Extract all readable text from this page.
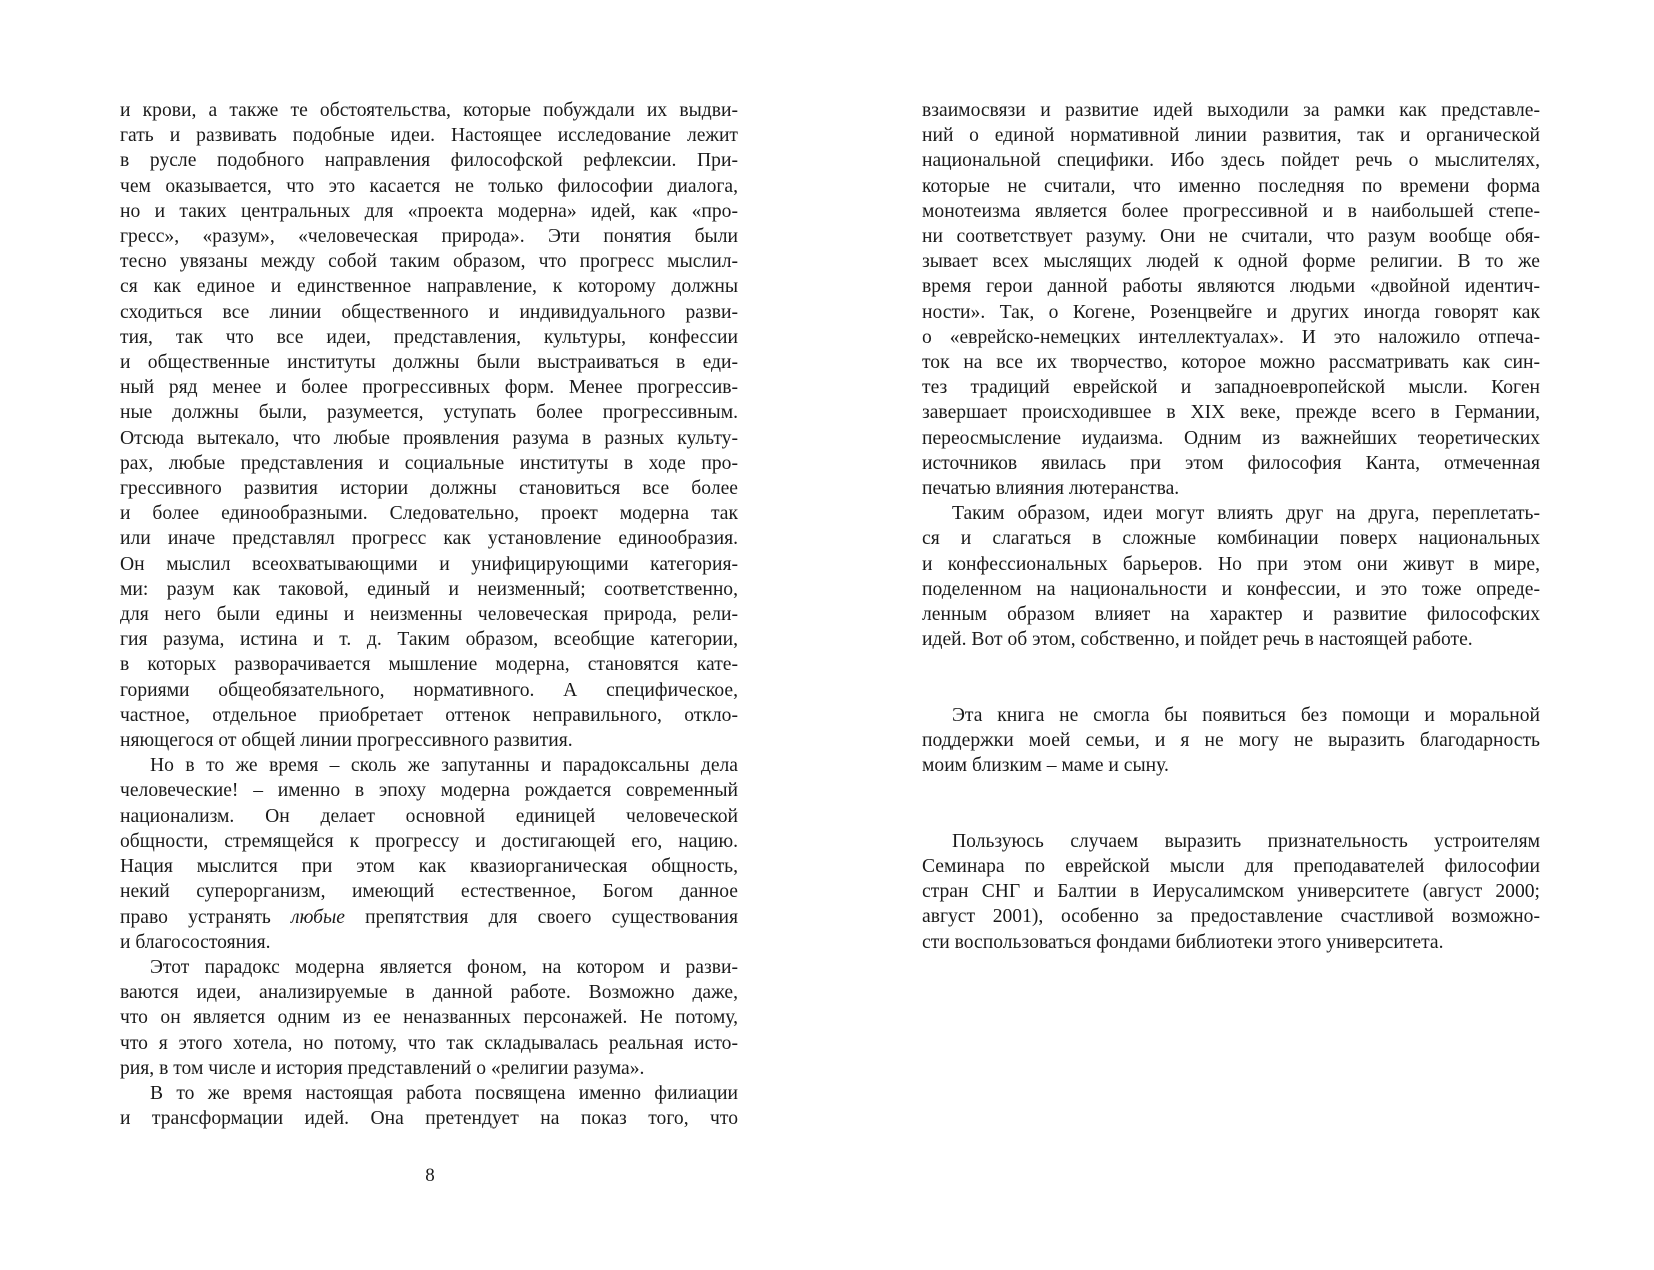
и крови, а также те обстоятельства, которые побуждали их выдви-
гать и развивать подобные идеи. Настоящее исследование лежит
в русле подобного направления философской рефлексии. При-
чем оказывается, что это касается не только философии диалога,
но и таких центральных для «проекта модерна» идей, как «про-
гресс», «разум», «человеческая природа». Эти понятия были
тесно увязаны между собой таким образом, что прогресс мыслил-
ся как единое и единственное направление, к которому должны
сходиться все линии общественного и индивидуального разви-
тия, так что все идеи, представления, культуры, конфессии
и общественные институты должны были выстраиваться в еди-
ный ряд менее и более прогрессивных форм. Менее прогрессив-
ные должны были, разумеется, уступать более прогрессивным.
Отсюда вытекало, что любые проявления разума в разных культу-
рах, любые представления и социальные институты в ходе про-
грессивного развития истории должны становиться все более
и более единообразными. Следовательно, проект модерна так
или иначе представлял прогресс как установление единообразия.
Он мыслил всеохватывающими и унифицирующими категория-
ми: разум как таковой, единый и неизменный; соответственно,
для него были едины и неизменны человеческая природа, рели-
гия разума, истина и т. д. Таким образом, всеобщие категории,
в которых разворачивается мышление модерна, становятся кате-
гориями общеобязательного, нормативного. А специфическое,
частное, отдельное приобретает оттенок неправильного, откло-
няющегося от общей линии прогрессивного развития.
Но в то же время – сколь же запутанны и парадоксальны дела
человеческие! – именно в эпоху модерна рождается современный
национализм. Он делает основной единицей человеческой
общности, стремящейся к прогрессу и достигающей его, нацию.
Нация мыслится при этом как квазиорганическая общность,
некий суперорганизм, имеющий естественное, Богом данное
право устранять любые препятствия для своего существования
и благосостояния.
Этот парадокс модерна является фоном, на котором и разви-
ваются идеи, анализируемые в данной работе. Возможно даже,
что он является одним из ее неназванных персонажей. Не потому,
что я этого хотела, но потому, что так складывалась реальная исто-
рия, в том числе и история представлений о «религии разума».
В то же время настоящая работа посвящена именно филиации
и трансформации идей. Она претендует на показ того, что
взаимосвязи и развитие идей выходили за рамки как представле-
ний о единой нормативной линии развития, так и органической
национальной специфики. Ибо здесь пойдет речь о мыслителях,
которые не считали, что именно последняя по времени форма
монотеизма является более прогрессивной и в наибольшей степе-
ни соответствует разуму. Они не считали, что разум вообще обя-
зывает всех мыслящих людей к одной форме религии. В то же
время герои данной работы являются людьми «двойной идентич-
ности». Так, о Когене, Розенцвейге и других иногда говорят как
о «еврейско-немецких интеллектуалах». И это наложило отпеча-
ток на все их творчество, которое можно рассматривать как син-
тез традиций еврейской и западноевропейской мысли. Коген
завершает происходившее в XIX веке, прежде всего в Германии,
переосмысление иудаизма. Одним из важнейших теоретических
источников явилась при этом философия Канта, отмеченная
печатью влияния лютеранства.
Таким образом, идеи могут влиять друг на друга, переплетать-
ся и слагаться в сложные комбинации поверх национальных
и конфессиональных барьеров. Но при этом они живут в мире,
поделенном на национальности и конфессии, и это тоже опреде-
ленным образом влияет на характер и развитие философских
идей. Вот об этом, собственно, и пойдет речь в настоящей работе.
Эта книга не смогла бы появиться без помощи и моральной
поддержки моей семьи, и я не могу не выразить благодарность
моим близким – маме и сыну.
Пользуюсь случаем выразить признательность устроителям
Семинара по еврейской мысли для преподавателей философии
стран СНГ и Балтии в Иерусалимском университете (август 2000;
август 2001), особенно за предоставление счастливой возможно-
сти воспользоваться фондами библиотеки этого университета.
8
